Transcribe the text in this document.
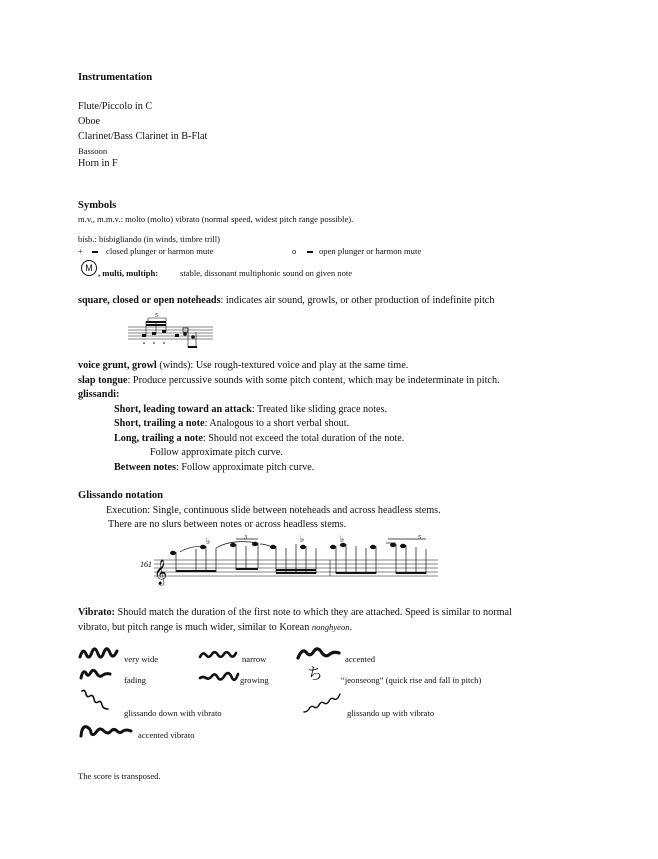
Instrumentation
Flute/Piccolo in C
Oboe
Clarinet/Bass Clarinet in B-Flat
Bassoon
Horn in F
Symbols
m.v., m.m.v.: molto (molto) vibrato (normal speed, widest pitch range possible).
bisb.: bisbigliando (in winds, timbre trill)
+	closed plunger or harmon mute	o	open plunger or harmon mute
M , multi, multiph:	stable, dissonant multiphonic sound on given note
square, closed or open noteheads: indicates air sound, growls, or other production of indefinite pitch
5
voice grunt, growl (winds): Use rough-textured voice and play at the same time.
slap tongue: Produce percussive sounds with some pitch content, which may be indeterminate in pitch.
glissandi:
Short, leading toward an attack: Treated like sliding grace notes.
Short, trailing a note: Analogous to a short verbal shout.
Long, trailing a note: Should not exceed the total duration of the note.
Follow approximate pitch curve.
Between notes: Follow approximate pitch curve.
Glissando notation
Execution: Single, continuous slide between noteheads and across headless stems.
There are no slurs between notes or across headless stems.
161 𝄞
♭	♭	♭
3	5
Vibrato: Should match the duration of the first note to which they are attached. Speed is similar to normal
vibrato, but pitch range is much wider, similar to Korean nonghyeon.
very wide	narrow	accented
fading	growing ち “jeonseong” (quick rise and fall in pitch)
glissando down with vibrato	glissando up with vibrato
accented vibrato
The score is transposed.
